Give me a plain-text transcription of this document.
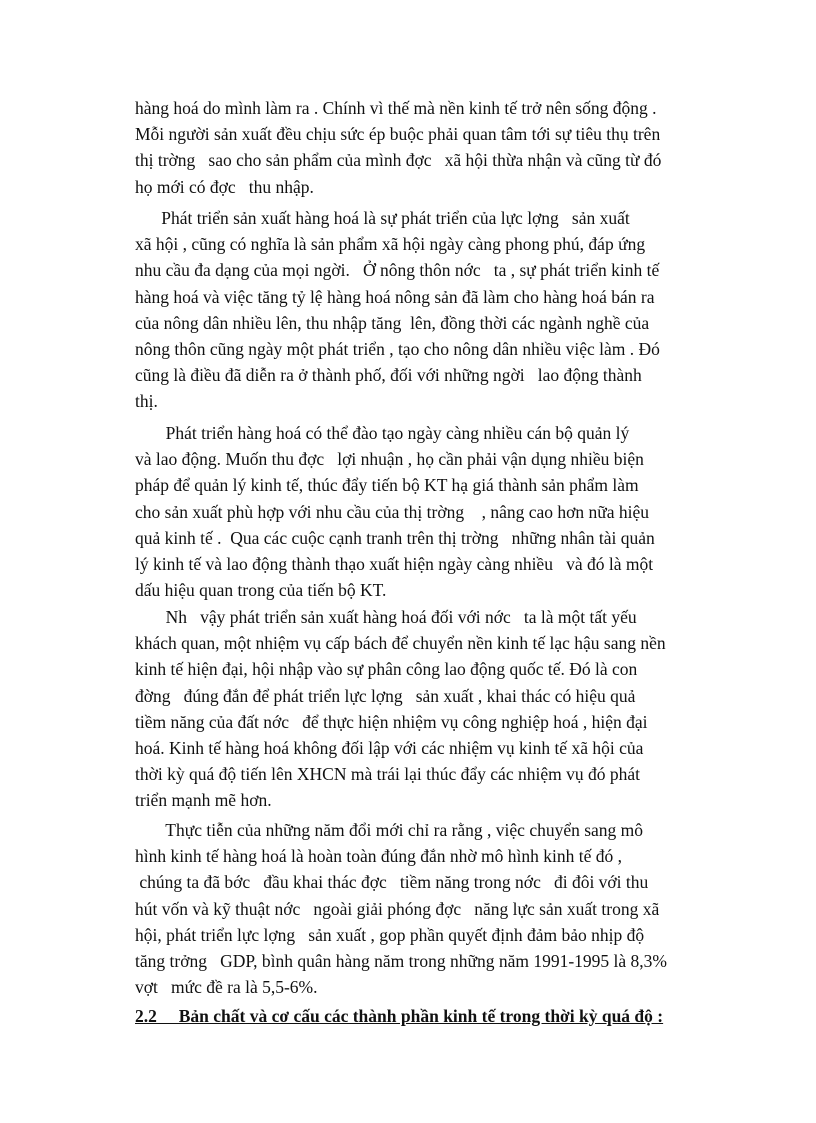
hàng hoá do mình làm ra . Chính vì thế mà nền kinh tế trở nên sống động .
Mỗi người sản xuất đều chịu sức ép buộc phải quan tâm tới sự tiêu thụ trên
thị trờng   sao cho sản phẩm của mình đợc   xã hội thừa nhận và cũng từ đó
họ mới có đợc   thu nhập.

Phát triển sản xuất hàng hoá là sự phát triển của lực lợng   sản xuất
xã hội , cũng có nghĩa là sản phẩm xã hội ngày càng phong phú, đáp ứng
nhu cầu đa dạng của mọi ngời.   Ở nông thôn nớc   ta , sự phát triển kinh tế
hàng hoá và việc tăng tỷ lệ hàng hoá nông sản đã làm cho hàng hoá bán ra
của nông dân nhiều lên, thu nhập tăng  lên, đồng thời các ngành nghề của
nông thôn cũng ngày một phát triển , tạo cho nông dân nhiều việc làm . Đó
cũng là điều đã diễn ra ở thành phố, đối với những ngời   lao động thành
thị.

Phát triển hàng hoá có thể đào tạo ngày càng nhiều cán bộ quản lý
và lao động. Muốn thu đợc   lợi nhuận , họ cần phải vận dụng nhiều biện
pháp để quản lý kinh tế, thúc đẩy tiến bộ KT hạ giá thành sản phẩm làm
cho sản xuất phù hợp với nhu cầu của thị trờng    , nâng cao hơn nữa hiệu
quả kinh tế .  Qua các cuộc cạnh tranh trên thị trờng   những nhân tài quản
lý kinh tế và lao động thành thạo xuất hiện ngày càng nhiều   và đó là một
dấu hiệu quan trong của tiến bộ KT.

Nh   vậy phát triển sản xuất hàng hoá đối với nớc   ta là một tất yếu
khách quan, một nhiệm vụ cấp bách để chuyển nền kinh tế lạc hậu sang nền
kinh tế hiện đại, hội nhập vào sự phân công lao động quốc tế. Đó là con
đờng   đúng đắn để phát triển lực lợng   sản xuất , khai thác có hiệu quả
tiềm năng của đất nớc   để thực hiện nhiệm vụ công nghiệp hoá , hiện đại
hoá. Kinh tế hàng hoá không đối lập với các nhiệm vụ kinh tế xã hội của
thời kỳ quá độ tiến lên XHCN mà trái lại thúc đẩy các nhiệm vụ đó phát
triển mạnh mẽ hơn.

Thực tiễn của những năm đổi mới chỉ ra rằng , việc chuyển sang mô
hình kinh tế hàng hoá là hoàn toàn đúng đắn nhờ mô hình kinh tế đó ,
chúng ta đã bớc   đầu khai thác đợc   tiềm năng trong nớc   đi đôi với thu
hút vốn và kỹ thuật nớc   ngoài giải phóng đợc   năng lực sản xuất trong xã
hội, phát triển lực lợng   sản xuất , gop phần quyết định đảm bảo nhịp độ
tăng trởng   GDP, bình quân hàng năm trong những năm 1991-1995 là 8,3%
vợt   mức đề ra là 5,5-6%.

2.2     Bản chất và cơ cấu các thành phần kinh tế trong thời kỳ quá độ :
